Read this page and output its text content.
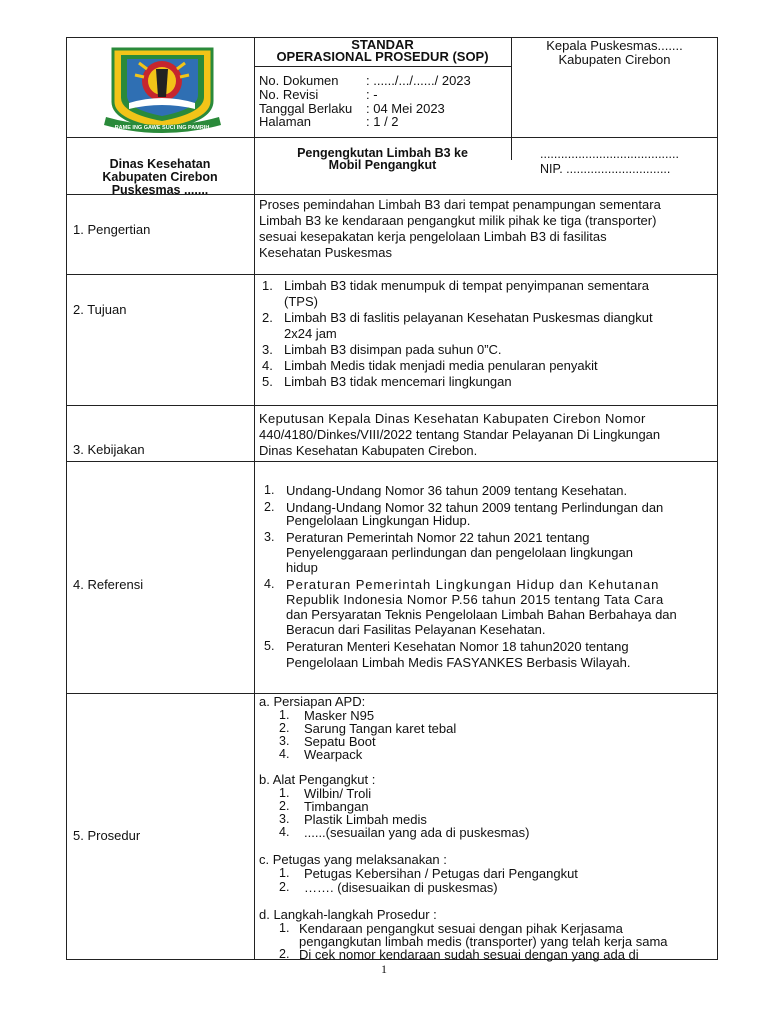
RAME ING GAWE SUCI ING PAMRIH
STANDAR
OPERASIONAL PROSEDUR (SOP)
No. Dokumen : ....../.../....../ 2023
No. Revisi	: -
Tanggal Berlaku : 04 Mei 2023
Halaman	: 1 / 2
Kepala Puskesmas.......
Kabupaten Cirebon
Dinas Kesehatan
Kabupaten Cirebon
Puskesmas .......
Pengengkutan Limbah B3 ke
Mobil Pengangkut
........................................
NIP. ..............................
1. Pengertian
Proses pemindahan Limbah B3 dari tempat penampungan sementara
Limbah B3 ke kendaraan pengangkut milik pihak ke tiga (transporter)
sesuai kesepakatan kerja pengelolaan Limbah B3 di fasilitas
Kesehatan Puskesmas
2. Tujuan
1. Limbah B3 tidak menumpuk di tempat penyimpanan sementara
(TPS)
2. Limbah B3 di faslitis pelayanan Kesehatan Puskesmas diangkut
2x24 jam
3. Limbah B3 disimpan pada suhun 0”C.
4. Limbah Medis tidak menjadi media penularan penyakit
5. Limbah B3 tidak mencemari lingkungan
3. Kebijakan
Keputusan Kepala Dinas Kesehatan Kabupaten Cirebon Nomor
440/4180/Dinkes/VIII/2022 tentang Standar Pelayanan Di Lingkungan
Dinas Kesehatan Kabupaten Cirebon.
4. Referensi
1. Undang-Undang Nomor 36 tahun 2009 tentang Kesehatan.
2. Undang-Undang Nomor 32 tahun 2009 tentang Perlindungan dan
Pengelolaan Lingkungan Hidup.
3. Peraturan Pemerintah Nomor 22 tahun 2021 tentang
Penyelenggaraan perlindungan dan pengelolaan lingkungan
hidup
4. Peraturan Pemerintah Lingkungan Hidup dan Kehutanan
Republik Indonesia Nomor P.56 tahun 2015 tentang Tata Cara
dan Persyaratan Teknis Pengelolaan Limbah Bahan Berbahaya dan
Beracun dari Fasilitas Pelayanan Kesehatan.
5. Peraturan Menteri Kesehatan Nomor 18 tahun2020 tentang
Pengelolaan Limbah Medis FASYANKES Berbasis Wilayah.
5. Prosedur
a. Persiapan APD:
1. Masker N95
2. Sarung Tangan karet tebal
3. Sepatu Boot
4. Wearpack
b. Alat Pengangkut :
1. Wilbin/ Troli
2. Timbangan
3. Plastik Limbah medis
4. ......(sesuailan yang ada di puskesmas)
c. Petugas yang melaksanakan :
1. Petugas Kebersihan / Petugas dari Pengangkut
2. ……. (disesuaikan di puskesmas)
d. Langkah-langkah Prosedur :
1. Kendaraan pengangkut sesuai dengan pihak Kerjasama
pengangkutan limbah medis (transporter) yang telah kerja sama
2. Di cek nomor kendaraan sudah sesuai dengan yang ada di
1
